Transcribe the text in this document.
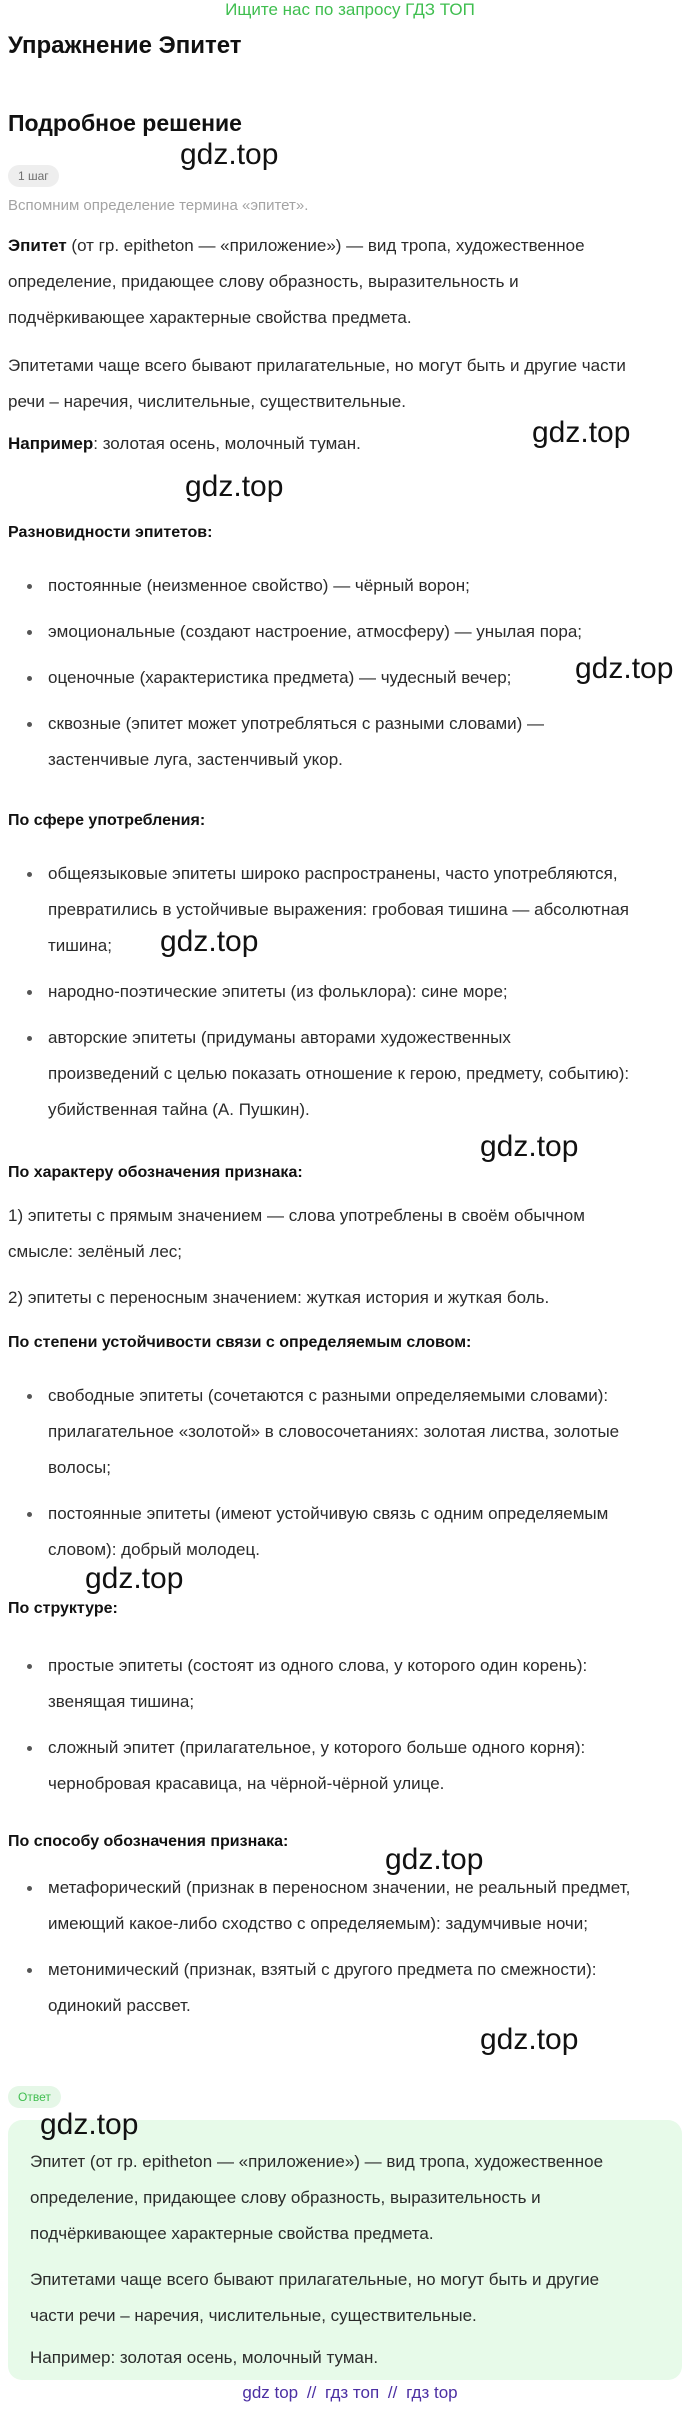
Ищите нас по запросу ГДЗ ТОП
Упражнение Эпитет
Подробное решение
1 шаг
Вспомним определение термина «эпитет».
Эпитет (от гр. epitheton — «приложение») — вид тропа, художественное
определение, придающее слову образность, выразительность и
подчёркивающее характерные свойства предмета.
Эпитетами чаще всего бывают прилагательные, но могут быть и другие части
речи – наречия, числительные, существительные.
Например: золотая осень, молочный туман.
Разновидности эпитетов:
постоянные (неизменное свойство) — чёрный ворон;
эмоциональные (создают настроение, атмосферу) — унылая пора;
оценочные (характеристика предмета) — чудесный вечер;
сквозные (эпитет может употребляться с разными словами) —
застенчивые луга, застенчивый укор.
По сфере употребления:
общеязыковые эпитеты широко распространены, часто употребляются,
превратились в устойчивые выражения: гробовая тишина — абсолютная
тишина;
народно-поэтические эпитеты (из фольклора): сине море;
авторские эпитеты (придуманы авторами художественных
произведений с целью показать отношение к герою, предмету, событию):
убийственная тайна (А. Пушкин).
По характеру обозначения признака:
1) эпитеты с прямым значением — слова употреблены в своём обычном
смысле: зелёный лес;
2) эпитеты с переносным значением: жуткая история и жуткая боль.
По степени устойчивости связи с определяемым словом:
свободные эпитеты (сочетаются с разными определяемыми словами):
прилагательное «золотой» в словосочетаниях: золотая листва, золотые
волосы;
постоянные эпитеты (имеют устойчивую связь с одним определяемым
словом): добрый молодец.
По структуре:
простые эпитеты (состоят из одного слова, у которого один корень):
звенящая тишина;
сложный эпитет (прилагательное, у которого больше одного корня):
чернобровая красавица, на чёрной-чёрной улице.
По способу обозначения признака:
метафорический (признак в переносном значении, не реальный предмет,
имеющий какое-либо сходство с определяемым): задумчивые ночи;
метонимический (признак, взятый с другого предмета по смежности):
одинокий рассвет.
gdz.top
gdz.top
gdz.top
gdz.top
gdz.top
gdz.top
gdz.top
gdz.top
gdz.top
Ответ
gdz.top
Эпитет (от гр. epitheton — «приложение») — вид тропа, художественное
определение, придающее слову образность, выразительность и
подчёркивающее характерные свойства предмета.
Эпитетами чаще всего бывают прилагательные, но могут быть и другие
части речи – наречия, числительные, существительные.
Например: золотая осень, молочный туман.
gdz top // гдз топ // гдз top
